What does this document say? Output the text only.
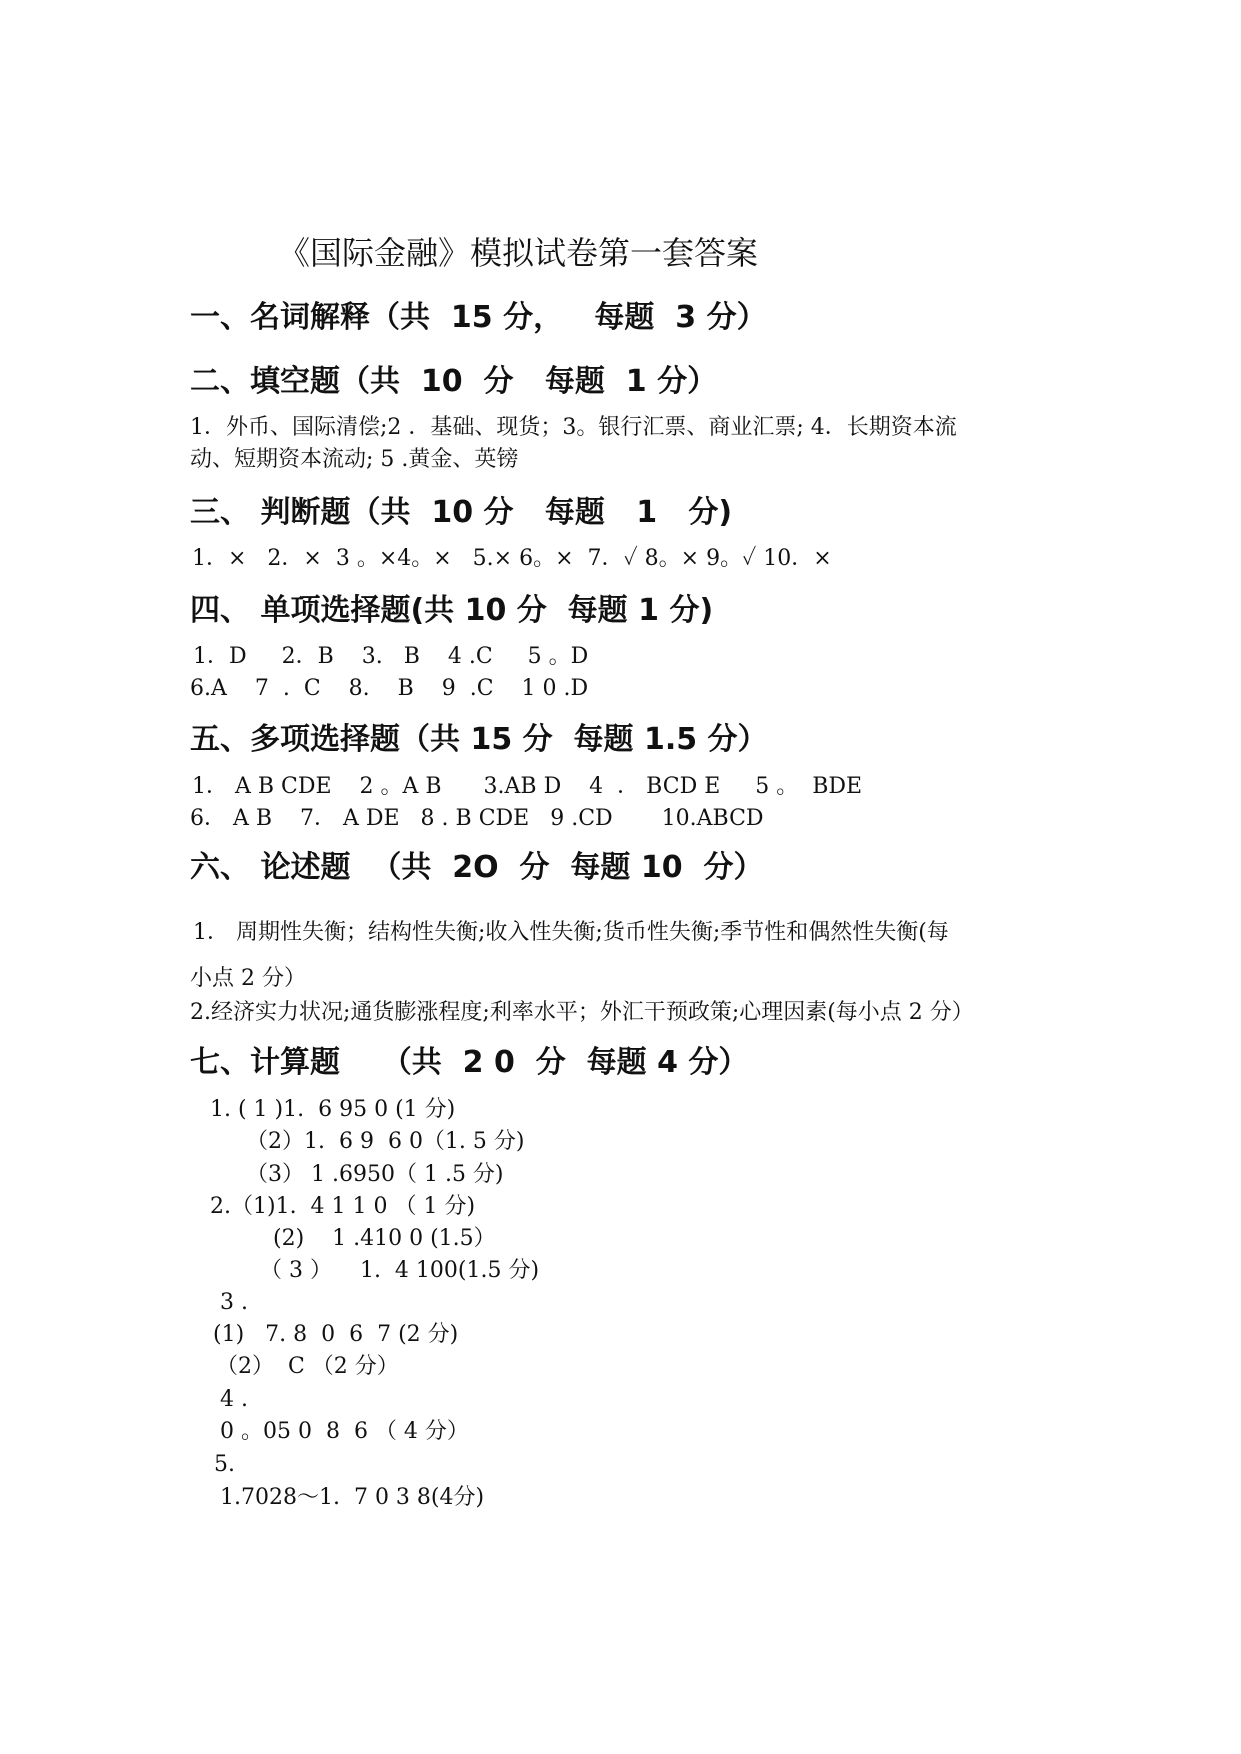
《国际金融》模拟试卷第一套答案
一、名词解释（共  15 分，   每题  3 分）
二、填空题（共  10  分   每题  1 分）
1．外币、国际清偿;2 ．基础、现货；3。银行汇票、商业汇票; 4．长期资本流
动、短期资本流动; 5 .黄金、英镑
三、 判断题（共  10 分   每题   1   分)
1．×   2．×  3 。×4。×   5.× 6。×  7．✓ 8。× 9。✓ 10．×
四、 单项选择题(共 10 分  每题 1 分)
1．D     2．B    3.   B    4 .C     5 。D
6.A    7  .  C    8.    B    9  .C    1 0 .D
五、多项选择题（共 15 分  每题 1.5 分）
1． A B CDE    2 。A B      3.AB D    4  ． BCD E     5 。  BDE
6． A B    7． A DE   8 . B CDE   9 .CD       10.ABCD
六、 论述题  （共  2O  分  每题 10  分）
1． 周期性失衡；结构性失衡;收入性失衡;货币性失衡;季节性和偶然性失衡(每
小点 2 分）
2.经济实力状况;通货膨涨程度;利率水平；外汇干预政策;心理因素(每小点 2 分）
七、计算题    （共  2 0  分  每题 4 分）
1. ( 1 )1.  6 95 0 (1 分)
（2）1.  6 9  6 0（1. 5 分)
（3） 1 .6950（ 1 .5 分)
2.（1)1.  4 1 1 0 （ 1 分)
(2)    1 .410 0 (1.5）
（ 3 ）    1.  4 100(1.5 分)
3 .
(1)   7. 8  0  6  7 (2 分)
（2）  C （2 分）
4 .
0 。05 0  8  6 （ 4 分）
5.
1.7028～1.  7 0 3 8(4分)
